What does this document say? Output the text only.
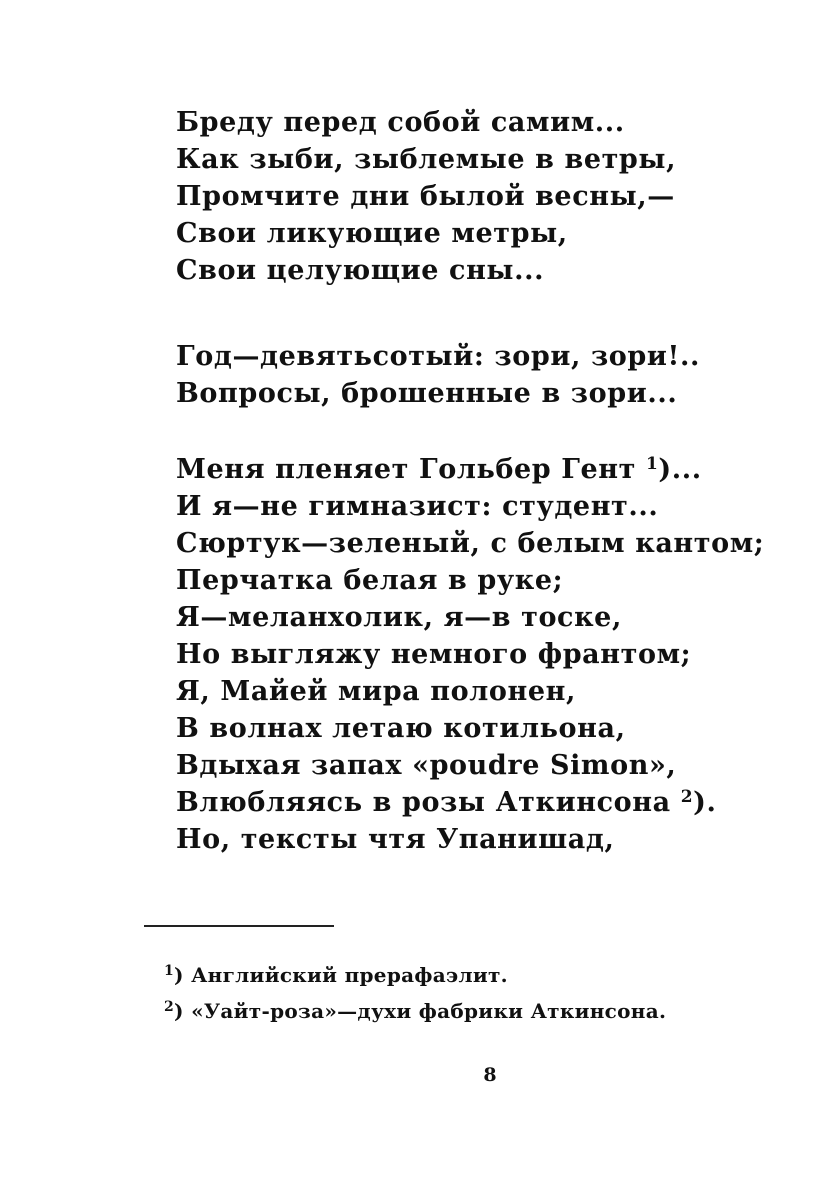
Бреду перед собой самим...
Как зыби, зыблемые в ветры,
Промчите дни былой весны,—
Свои ликующие метры,
Свои целующие сны...
Год—девятьсотый: зори, зори!..
Вопросы, брошенные в зори...
Меня пленяет Гольбер Гент $^1$)...
И я—не гимназист: студент...
Сюртук—зеленый, с белым кантом;
Перчатка белая в руке;
Я—меланхолик, я—в тоске,
Но выгляжу немного франтом;
Я, Майей мира полонен,
В волнах летаю котильона,
Вдыхая запах «poudre Simon»,
Влюбляясь в розы Аткинсона $^2$).
Но, тексты чтя Упанишад,
$^1$) Английский прерафаэлит.
$^2$) «Уайт-роза»—духи фабрики Аткинсона.
8
